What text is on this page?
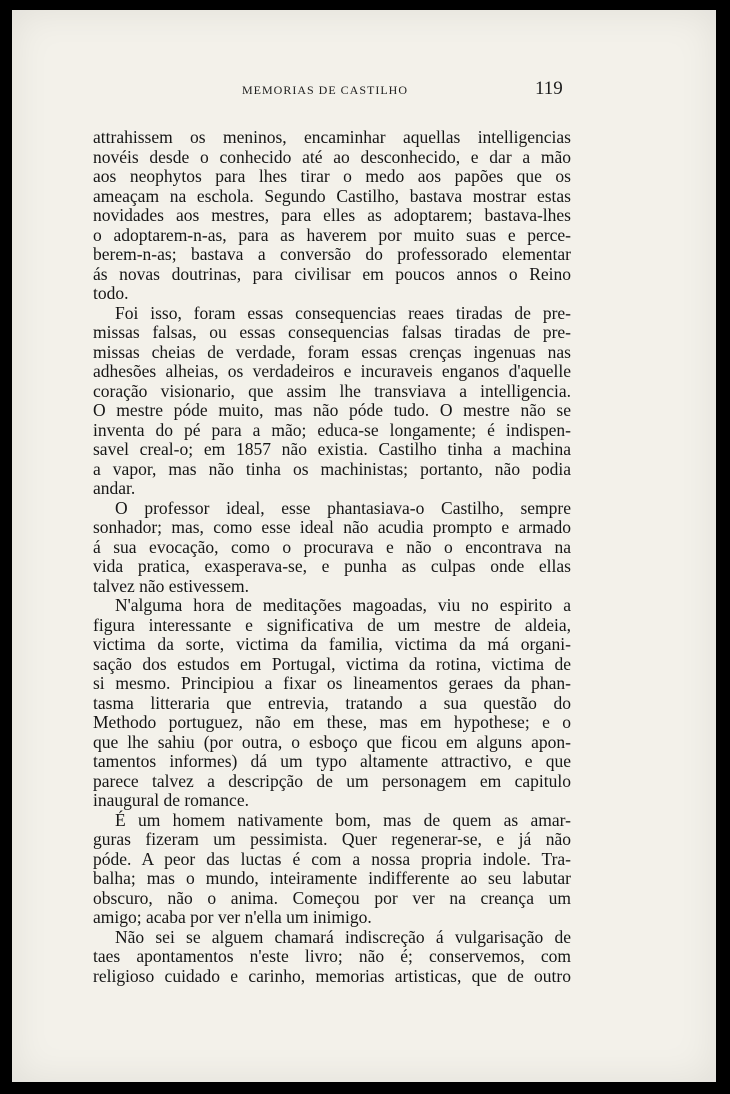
MEMORIAS DE CASTILHO	119
attrahissem os meninos, encaminhar aquellas intelligencias
novéis desde o conhecido até ao desconhecido, e dar a mão
aos neophytos para lhes tirar o medo aos papões que os
ameaçam na eschola. Segundo Castilho, bastava mostrar estas
novidades aos mestres, para elles as adoptarem; bastava-lhes
o adoptarem-n-as, para as haverem por muito suas e perce-
berem-n-as; bastava a conversão do professorado elementar
ás novas doutrinas, para civilisar em poucos annos o Reino
todo.
Foi isso, foram essas consequencias reaes tiradas de pre-
missas falsas, ou essas consequencias falsas tiradas de pre-
missas cheias de verdade, foram essas crenças ingenuas nas
adhesões alheias, os verdadeiros e incuraveis enganos d'aquelle
coração visionario, que assim lhe transviava a intelligencia.
O mestre póde muito, mas não póde tudo. O mestre não se
inventa do pé para a mão; educa-se longamente; é indispen-
savel creal-o; em 1857 não existia. Castilho tinha a machina
a vapor, mas não tinha os machinistas; portanto, não podia
andar.
O professor ideal, esse phantasiava-o Castilho, sempre
sonhador; mas, como esse ideal não acudia prompto e armado
á sua evocação, como o procurava e não o encontrava na
vida pratica, exasperava-se, e punha as culpas onde ellas
talvez não estivessem.
N'alguma hora de meditações magoadas, viu no espirito a
figura interessante e significativa de um mestre de aldeia,
victima da sorte, victima da familia, victima da má organi-
sação dos estudos em Portugal, victima da rotina, victima de
si mesmo. Principiou a fixar os lineamentos geraes da phan-
tasma litteraria que entrevia, tratando a sua questão do
Methodo portuguez, não em these, mas em hypothese; e o
que lhe sahiu (por outra, o esboço que ficou em alguns apon-
tamentos informes) dá um typo altamente attractivo, e que
parece talvez a descripção de um personagem em capitulo
inaugural de romance.
É um homem nativamente bom, mas de quem as amar-
guras fizeram um pessimista. Quer regenerar-se, e já não
póde. A peor das luctas é com a nossa propria indole. Tra-
balha; mas o mundo, inteiramente indifferente ao seu labutar
obscuro, não o anima. Começou por ver na creança um
amigo; acaba por ver n'ella um inimigo.
Não sei se alguem chamará indiscreção á vulgarisação de
taes apontamentos n'este livro; não é; conservemos, com
religioso cuidado e carinho, memorias artisticas, que de outro
